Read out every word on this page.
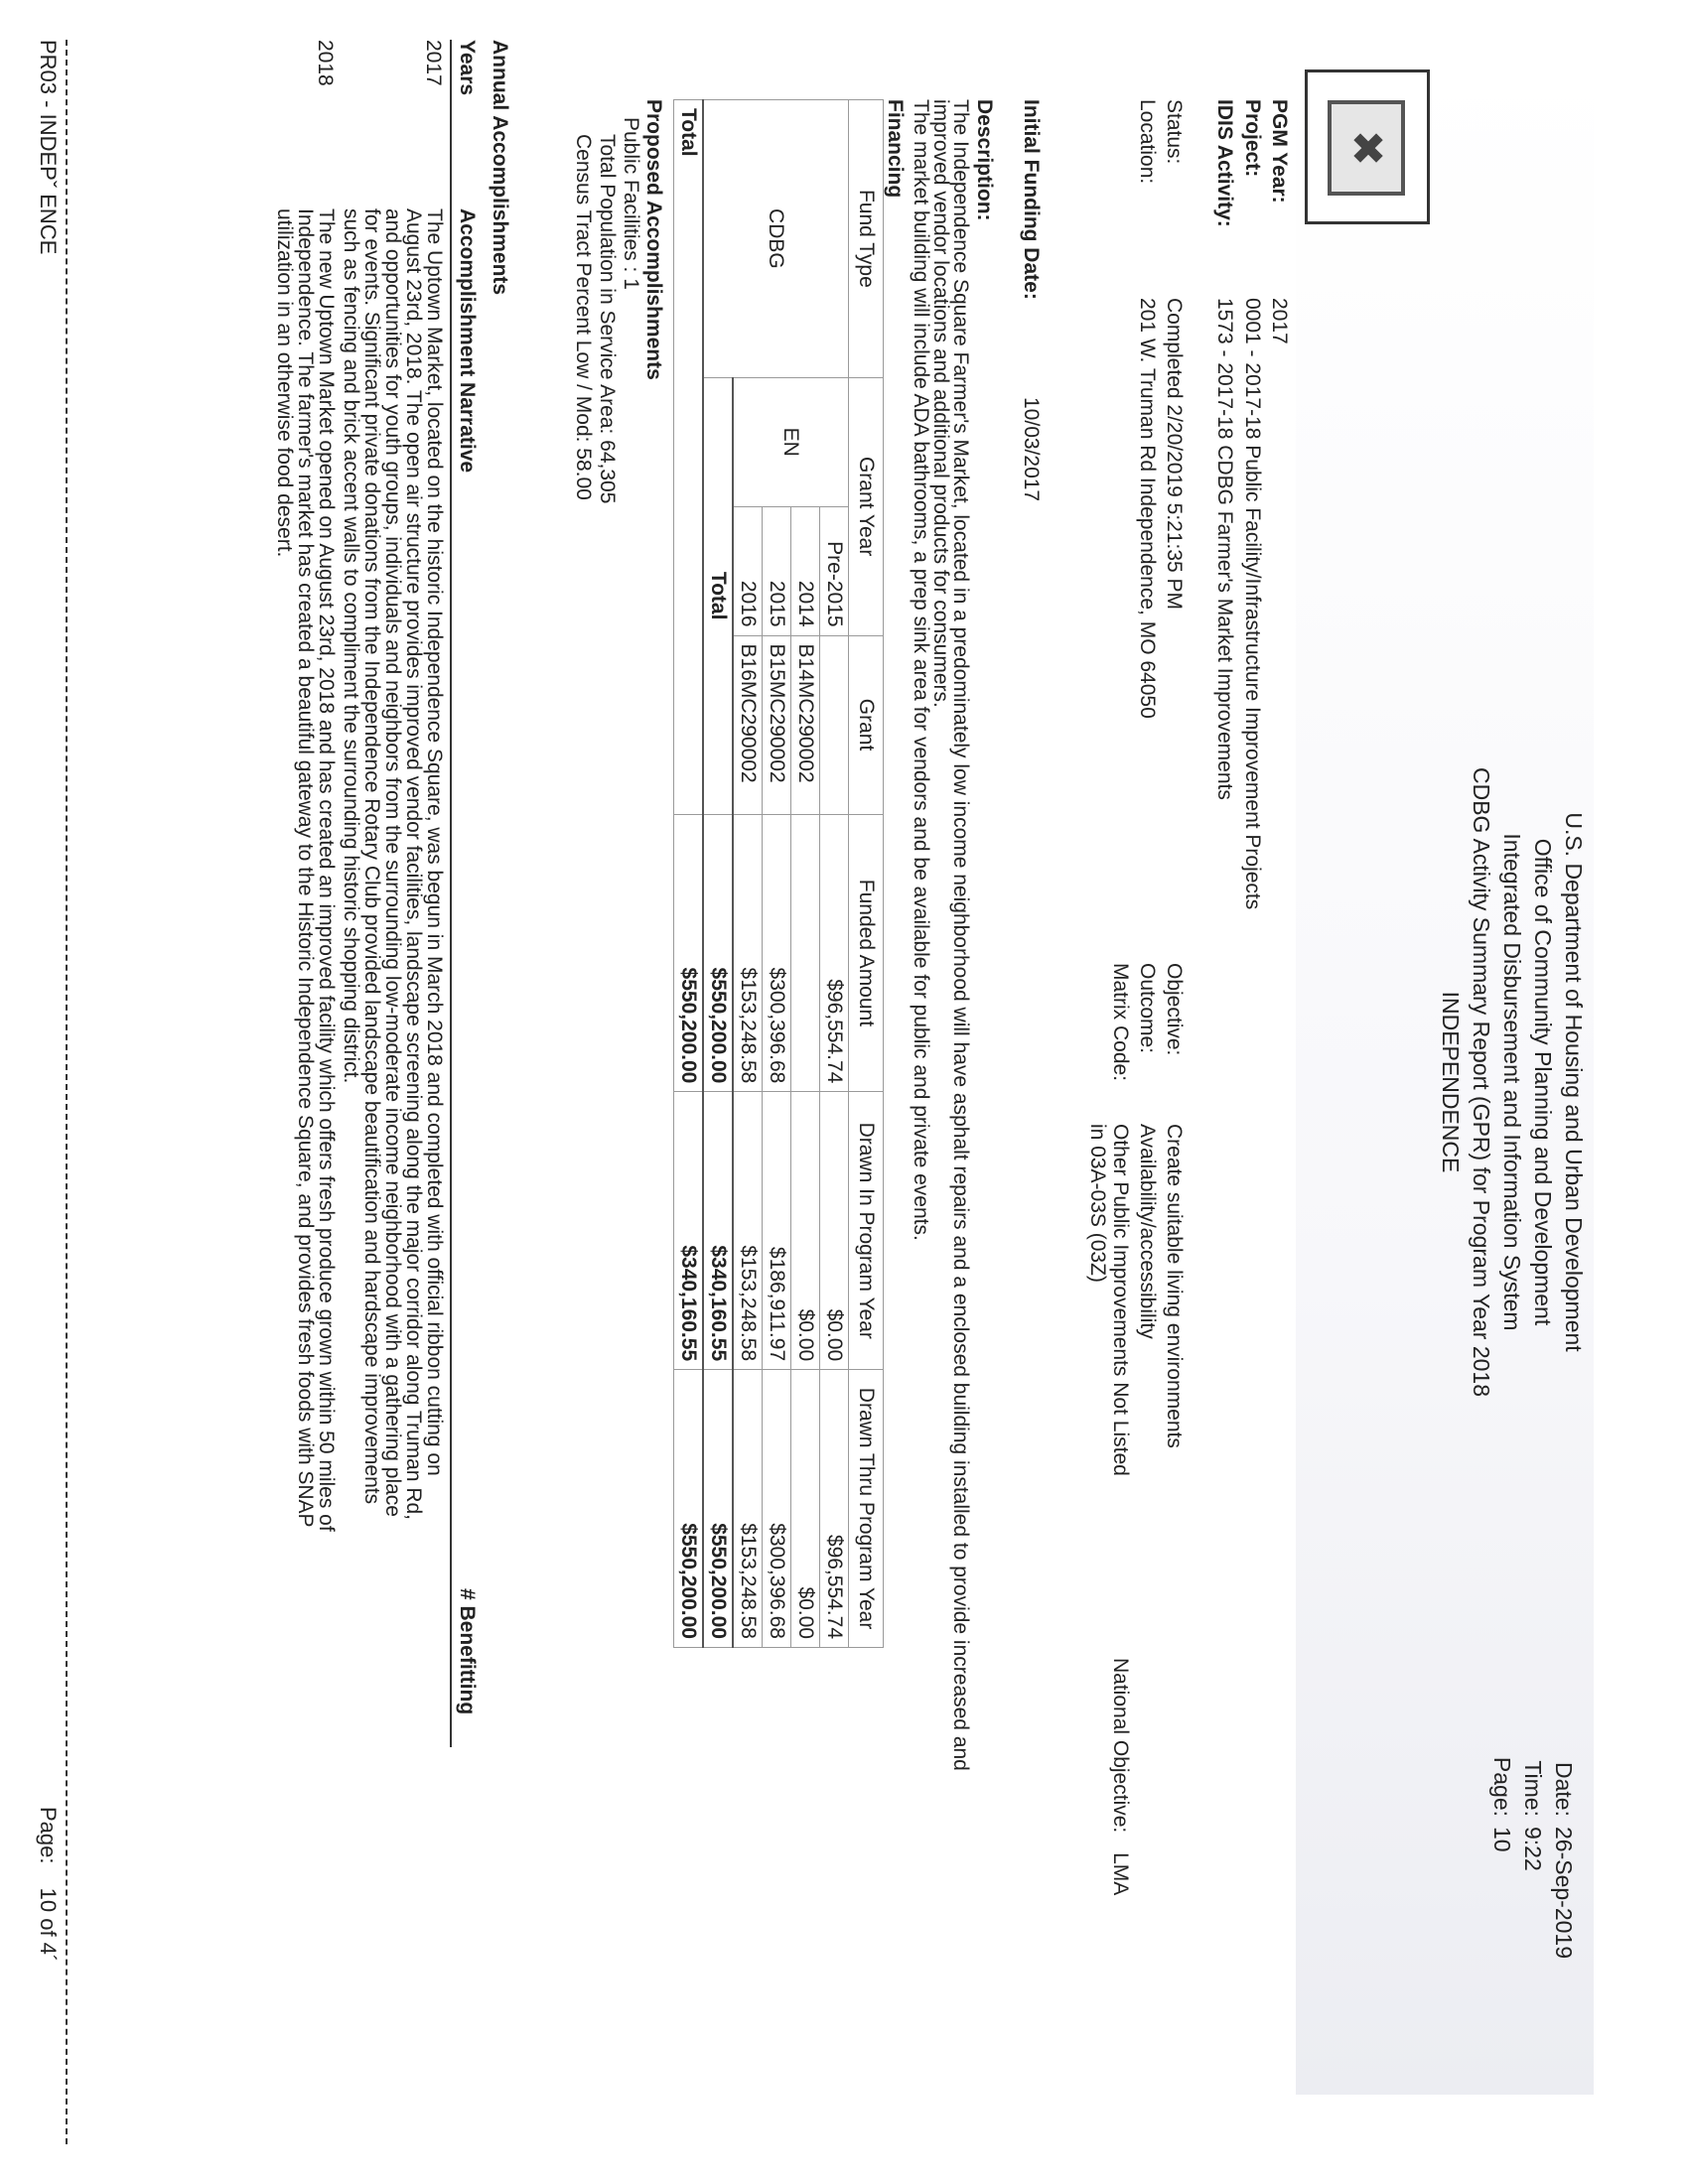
✖
U.S. Department of Housing and Urban Development
Office of Community Planning and Development
Integrated Disbursement and Information System
CDBG Activity Summary Report (GPR) for Program Year 2018
INDEPENDENCE
Date:26-Sep-2019
Time:9:22
Page:10
PGM Year:2017
Project:0001 - 2017-18 Public Facility/Infrastructure Improvement Projects
IDIS Activity:1573 - 2017-18 CDBG Farmer's Market Improvements
Status:Completed 2/20/2019 5:21:35 PM
Location:201 W. Truman Rd Independence, MO 64050
Objective:Create suitable living environments
Outcome:Availability/accessibility
Matrix Code:Other Public Improvements Not Listed
in 03A-03S (03Z)
National Objective: LMA
Initial Funding Date:10/03/2017
Description:
The Independence Square Farmer's Market, located in a predominately low income neighborhood will have asphalt repairs and a enclosed building installed to provide increased and
improved vendor locations and additional products for consumers.
The market building will include ADA bathrooms, a prep sink area for vendors and be available for public and private events.
Financing
Fund Type	Grant Year		Grant	Funded Amount	Drawn In Program Year	Drawn Thru Program Year
CDBG	EN	Pre-2015		$96,554.74	$0.00	$96,554.74
		2014	B14MC290002		$0.00	$0.00
		2015	B15MC290002	$300,396.68	$186,911.97	$300,396.68
		2016	B16MC290002	$153,248.58	$153,248.58	$153,248.58
	Total			$550,200.00	$340,160.55	$550,200.00
Total				$550,200.00	$340,160.55	$550,200.00
Proposed Accomplishments
Public Facilities : 1
Total Population in Service Area: 64,305
Census Tract Percent Low / Mod: 58.00
Annual Accomplishments
Years
Accomplishment Narrative
# Benefitting
2017
The Uptown Market, located on the historic Independence Square, was begun in March 2018 and completed with official ribbon cutting on
August 23rd, 2018. The open air structure provides improved vendor facilities, landscape screening along the major corridor along Truman Rd,
and opportunities for youth groups, individuals and neighbors from the surrounding low-moderate income neighborhood with a gathering place
for events. Significant private donations from the Independence Rotary Club provided landscape beautification and hardscape improvements
such as fencing and brick accent walls to compliment the surrounding historic shopping district.
2018
The new Uptown Market opened on August 23rd, 2018 and has created an improved facility which offers fresh produce grown within 50 miles of
Independence. The farmer's market has created a beautiful gateway to the Historic Independence Square, and provides fresh foods with SNAP
utilization in an otherwise food desert.
PR03 - INDEPˇ ENCE
Page: 10 of 4´
